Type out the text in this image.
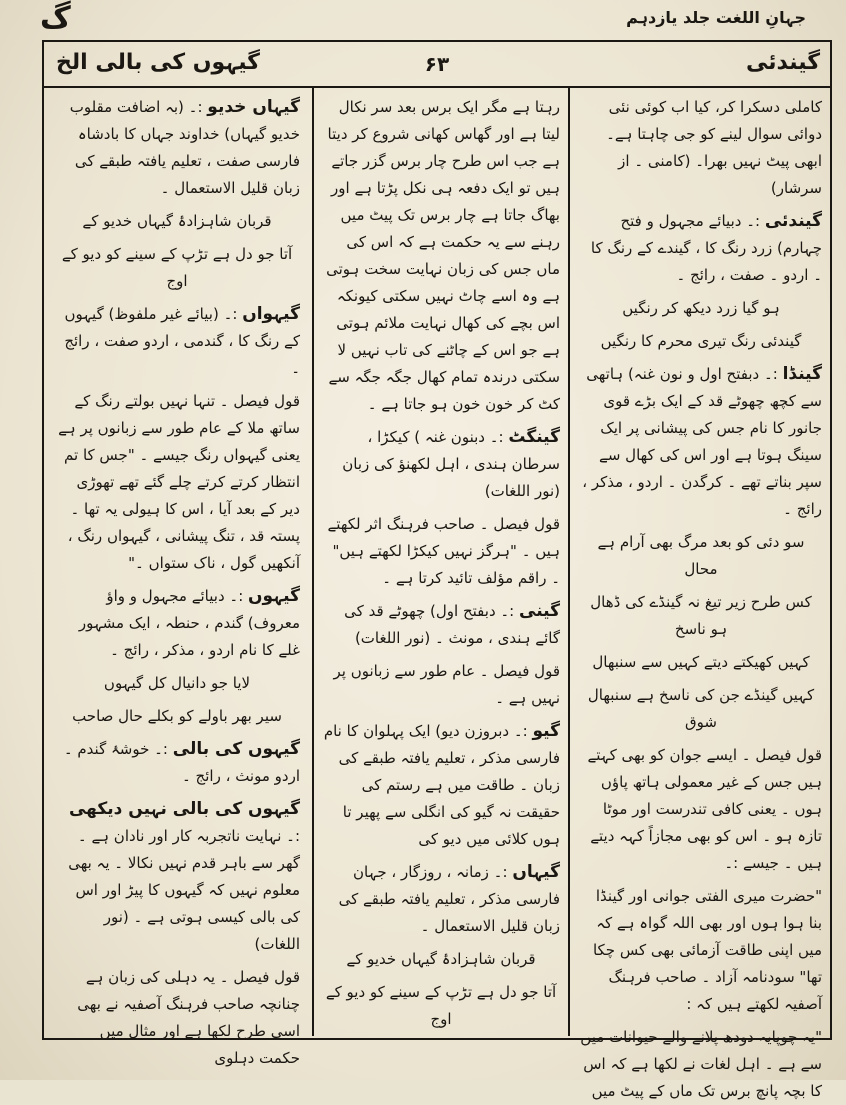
جہانِ اللغت جلد یازدہم
گ
گیندئی
۶۳
گیہوں کی بالی الخ

کاملی دسکرا کر، کیا اب کوئی نئی دوائی سوال لینے کو جی چاہتا ہے۔ ابھی پیٹ نہیں بھرا۔ (کامنی ۔ از سرشار)

گیندئی :۔ دبیائے مجہول و فتح چہارم) زرد رنگ کا ، گیندے کے رنگ کا ۔ اردو ۔ صفت ، رائج ۔

ہو گیا زرد دیکھ کر رنگیں

گیندئی رنگ تیری محرم کا رنگیں

گینڈا :۔ دبفتح اول و نون غنہ) ہاتھی سے کچھ چھوٹے قد کے ایک بڑے قوی جانور کا نام جس کی پیشانی پر ایک سینگ ہوتا ہے اور اس کی کھال سے سپر بناتے تھے ۔ کرگدن ۔ اردو ، مذکر ، رائج ۔

سو دئی کو بعد مرگ بھی آرام ہے محال

کس طرح زیر تیغ نہ گینڈے کی ڈھال ہو ناسخ

کہیں کھیکتے دیتے کہیں سے سنبھال

کہیں گینڈے جن کی ناسخ ہے سنبھال شوق

قول فیصل ۔ ایسے جوان کو بھی کہتے ہیں جس کے غیر معمولی ہاتھ پاؤں ہوں ۔ یعنی کافی تندرست اور موٹا تازہ ہو ۔ اس کو بھی مجازاً کہہ دیتے ہیں ۔ جیسے :۔

"حضرت میری الفتی جوانی اور گینڈا بنا ہوا ہوں اور بھی اللہ گواہ ہے کہ میں اپنی طاقت آزمائی بھی کس چکا تھا" سودنامہ آزاد ۔ صاحب فرہنگ آصفیہ لکھتے ہیں کہ :

"یہ چوپایہ دودھ پلانے والے حیوانات میں سے ہے ۔ اہل لغات نے لکھا ہے کہ اس کا بچہ پانچ برس تک ماں کے پیٹ میں

رہتا ہے مگر ایک برس بعد سر نکال لیتا ہے اور گھاس کھانی شروع کر دیتا ہے جب اس طرح چار برس گزر جاتے ہیں تو ایک دفعہ ہی نکل پڑتا ہے اور بھاگ جاتا ہے چار برس تک پیٹ میں رہنے سے یہ حکمت ہے کہ اس کی ماں جس کی زبان نہایت سخت ہوتی ہے وہ اسے چاٹ نہیں سکتی کیونکہ اس بچے کی کھال نہایت ملائم ہوتی ہے جو اس کے چاٹنے کی تاب نہیں لا سکتی درندہ تمام کھال جگہ جگہ سے کٹ کر خون خون ہو جاتا ہے ۔

گینگٹ :۔ دبنون غنہ ) کیکڑا ، سرطان ہندی ، اہل لکھنؤ کی زبان (نور اللغات)

قول فیصل ۔ صاحب فرہنگ اثر لکھتے ہیں ۔ "ہرگز نہیں کیکڑا لکھتے ہیں" ۔ راقم مؤلف تائید کرتا ہے ۔

گینی :۔ دبفتح اول) چھوٹے قد کی گائے ہندی ، مونث ۔ (نور اللغات)

قول فیصل ۔ عام طور سے زبانوں پر نہیں ہے ۔

گیو :۔ دبروزن دیو) ایک پہلوان کا نام فارسی مذکر ، تعلیم یافتہ طبقے کی زبان ۔ طاقت میں ہے رستم کی حقیقت نہ گیو کی انگلی سے پھیر تا ہوں کلائی میں دیو کی

گیہاں :۔ زمانہ ، روزگار ، جہان فارسی مذکر ، تعلیم یافتہ طبقے کی زبان قلیل الاستعمال ۔

قربان شاہزادۂ گیہاں خدیو کے

آتا جو دل ہے تڑپ کے سینے کو دیو کے اوج

گیہاں خدیو :۔ (بہ اضافت مقلوب خدیو گیہاں) خداوند جہاں کا بادشاہ فارسی صفت ، تعلیم یافتہ طبقے کی زبان قلیل الاستعمال ۔

قربان شاہزادۂ گیہاں خدیو کے

آتا جو دل ہے تڑپ کے سینے کو دیو کے اوج

گیہواں :۔ (بیائے غیر ملفوظ) گیہوں کے رنگ کا ، گندمی ، اردو صفت ، رائج ۔

قول فیصل ۔ تنہا نہیں بولتے رنگ کے ساتھ ملا کے عام طور سے زبانوں پر ہے یعنی گیہواں رنگ جیسے ۔ "جس کا تم انتظار کرتے کرتے چلے گئے تھے تھوڑی دیر کے بعد آیا ، اس کا ہیولی یہ تھا ۔ پستہ قد ، تنگ پیشانی ، گیہواں رنگ ، آنکھیں گول ، ناک ستواں ۔"

گیہوں :۔ دبیائے مجہول و واؤ معروف) گندم ، حنطہ ، ایک مشہور غلے کا نام اردو ، مذکر ، رائج ۔

لایا جو دانیال کل گیہوں

سیر بھر باولے کو بکلے حال صاحب

گیہوں کی بالی :۔ خوشۂ گندم ۔ اردو مونث ، رائج ۔

گیہوں کی بالی نہیں دیکھی :۔ نہایت ناتجربہ کار اور نادان ہے ۔ گھر سے باہر قدم نہیں نکالا ۔ یہ بھی معلوم نہیں کہ گیہوں کا پیڑ اور اس کی بالی کیسی ہوتی ہے ۔ (نور اللغات)

قول فیصل ۔ یہ دہلی کی زبان ہے چنانچہ صاحب فرہنگ آصفیہ نے بھی اسی طرح لکھا ہے اور مثال میں حکمت دہلوی
